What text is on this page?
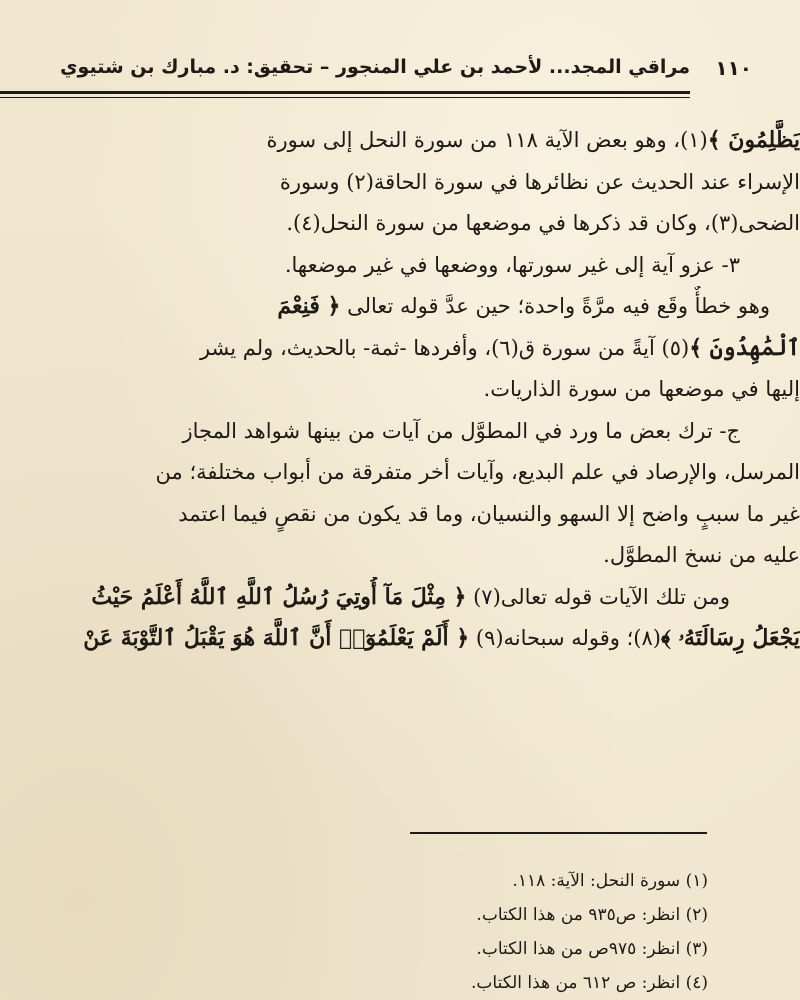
١١٠
مراقي المجد... لأحمد بن علي المنجور – تحقيق: د. مبارك بن شتيوي
يَظَّلِمُونَ ﴾(١)، وهو بعض الآية ١١٨ من سورة النحل إلى سورة
الإسراء عند الحديث عن نظائرها في سورة الحاقة(٢) وسورة
الضحى(٣)، وكان قد ذكرها في موضعها من سورة النحل(٤).
٣- عزو آية إلى غير سورتها، ووضعها في غير موضعها.
وهو خطأٌ وقَع فيه مرَّةً واحدة؛ حين عدَّ قوله تعالى ﴿ فَنِعْمَ
ٱلْمَٰهِدُونَ ﴾(٥) آيةً من سورة ق(٦)، وأفردها -ثمة- بالحديث، ولم يشر
إليها في موضعها من سورة الذاريات.
ج- ترك بعض ما ورد في المطوَّل من آيات من بينها شواهد المجاز
المرسل، والإرصاد في علم البديع، وآيات أخر متفرقة من أبواب مختلفة؛ من
غير ما سببٍ واضح إلا السهو والنسيان، وما قد يكون من نقصٍ فيما اعتمد
عليه من نسخ المطوَّل.
ومن تلك الآيات قوله تعالى(٧) ﴿ مِثْلَ مَآ أُوتِيَ رُسُلُ ٱللَّهِ ٱللَّهُ أَعْلَمُ حَيْثُ
يَجْعَلُ رِسَالَتَهُۥ ﴾(٨)؛ وقوله سبحانه(٩) ﴿ أَلَمْ يَعْلَمُوٓا۟ أَنَّ ٱللَّهَ هُوَ يَقْبَلُ ٱلتَّوْبَةَ عَنْ
(١) سورة النحل: الآية: ١١٨.
(٢) انظر: ص٩٣٥ من هذا الكتاب.
(٣) انظر: ٩٧٥ص من هذا الكتاب.
(٤) انظر: ص ٦١٢ من هذا الكتاب.
